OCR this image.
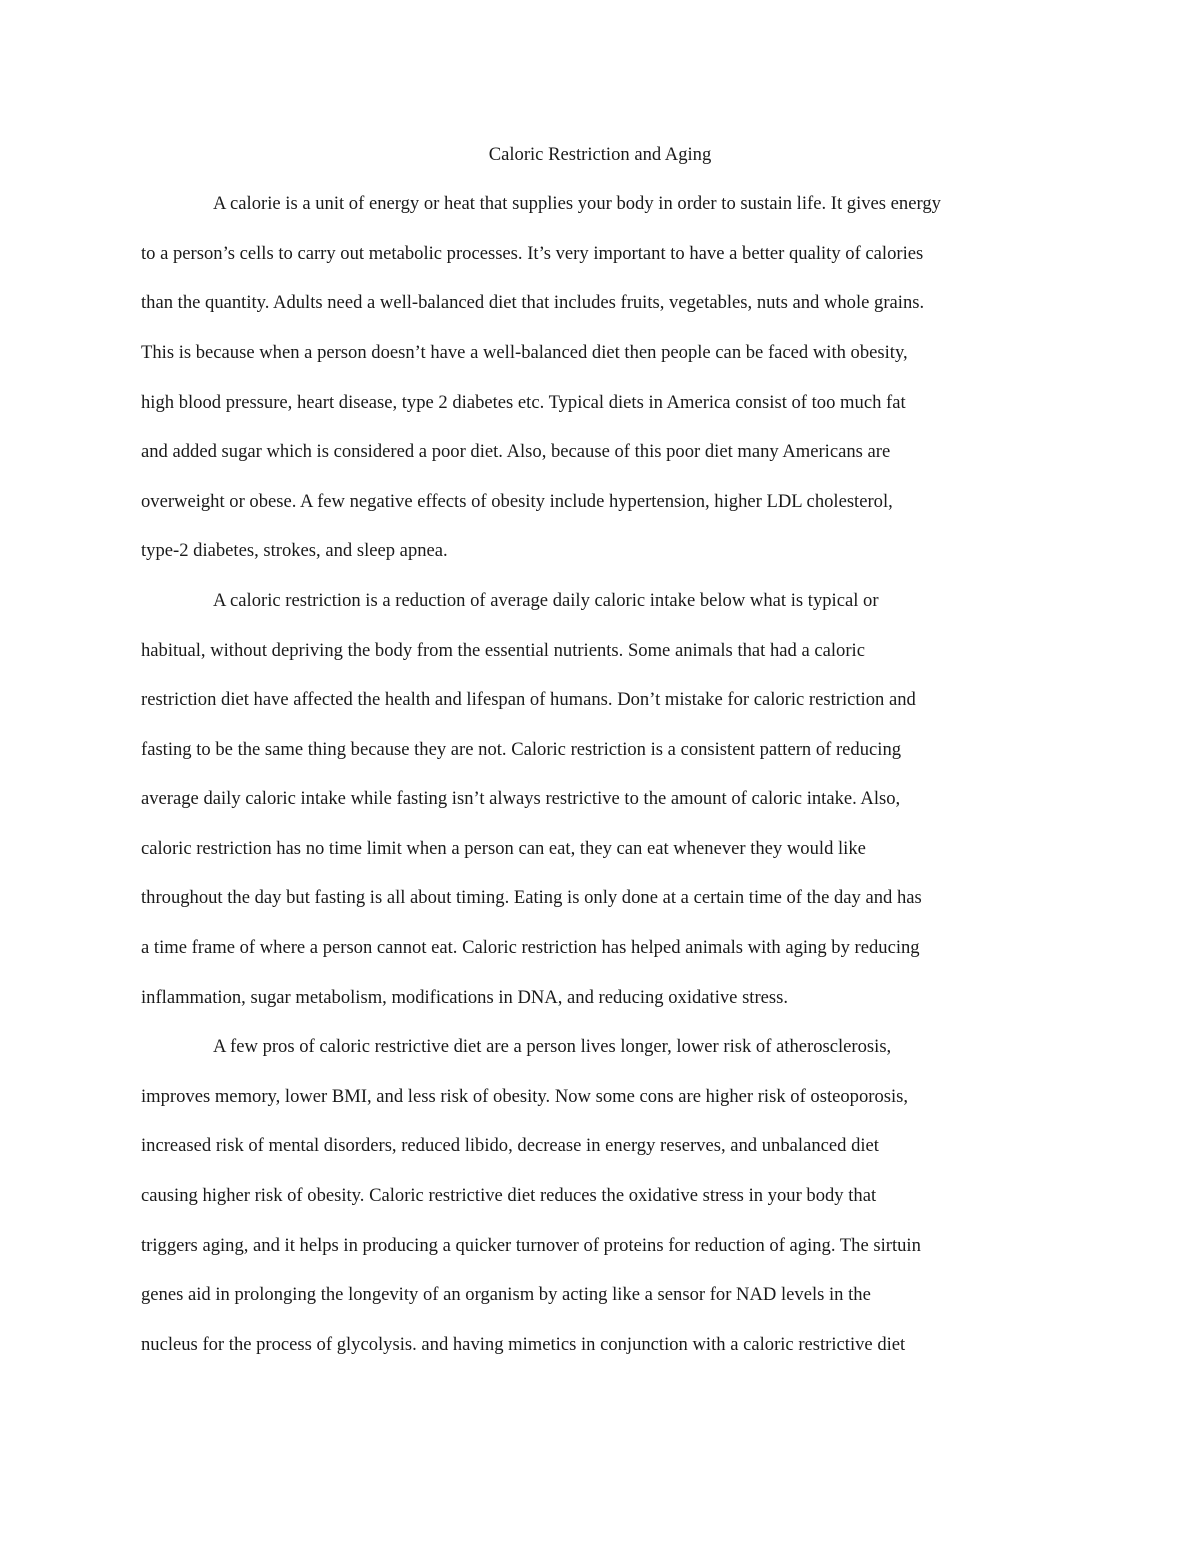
Caloric Restriction and Aging

A calorie is a unit of energy or heat that supplies your body in order to sustain life. It gives energy

to a person’s cells to carry out metabolic processes. It’s very important to have a better quality of calories

than the quantity. Adults need a well-balanced diet that includes fruits, vegetables, nuts and whole grains.

This is because when a person doesn’t have a well-balanced diet then people can be faced with obesity,

high blood pressure, heart disease, type 2 diabetes etc. Typical diets in America consist of too much fat

and added sugar which is considered a poor diet. Also, because of this poor diet many Americans are

overweight or obese. A few negative effects of obesity include hypertension, higher LDL cholesterol,

type-2 diabetes, strokes, and sleep apnea.

A caloric restriction is a reduction of average daily caloric intake below what is typical or

habitual, without depriving the body from the essential nutrients. Some animals that had a caloric

restriction diet have affected the health and lifespan of humans. Don’t mistake for caloric restriction and

fasting to be the same thing because they are not. Caloric restriction is a consistent pattern of reducing

average daily caloric intake while fasting isn’t always restrictive to the amount of caloric intake. Also,

caloric restriction has no time limit when a person can eat, they can eat whenever they would like

throughout the day but fasting is all about timing. Eating is only done at a certain time of the day and has

a time frame of where a person cannot eat. Caloric restriction has helped animals with aging by reducing

inflammation, sugar metabolism, modifications in DNA, and reducing oxidative stress.

A few pros of caloric restrictive diet are a person lives longer, lower risk of atherosclerosis,

improves memory, lower BMI, and less risk of obesity. Now some cons are higher risk of osteoporosis,

increased risk of mental disorders, reduced libido, decrease in energy reserves, and unbalanced diet

causing higher risk of obesity. Caloric restrictive diet reduces the oxidative stress in your body that

triggers aging, and it helps in producing a quicker turnover of proteins for reduction of aging. The sirtuin

genes aid in prolonging the longevity of an organism by acting like a sensor for NAD levels in the

nucleus for the process of glycolysis. and having mimetics in conjunction with a caloric restrictive diet
